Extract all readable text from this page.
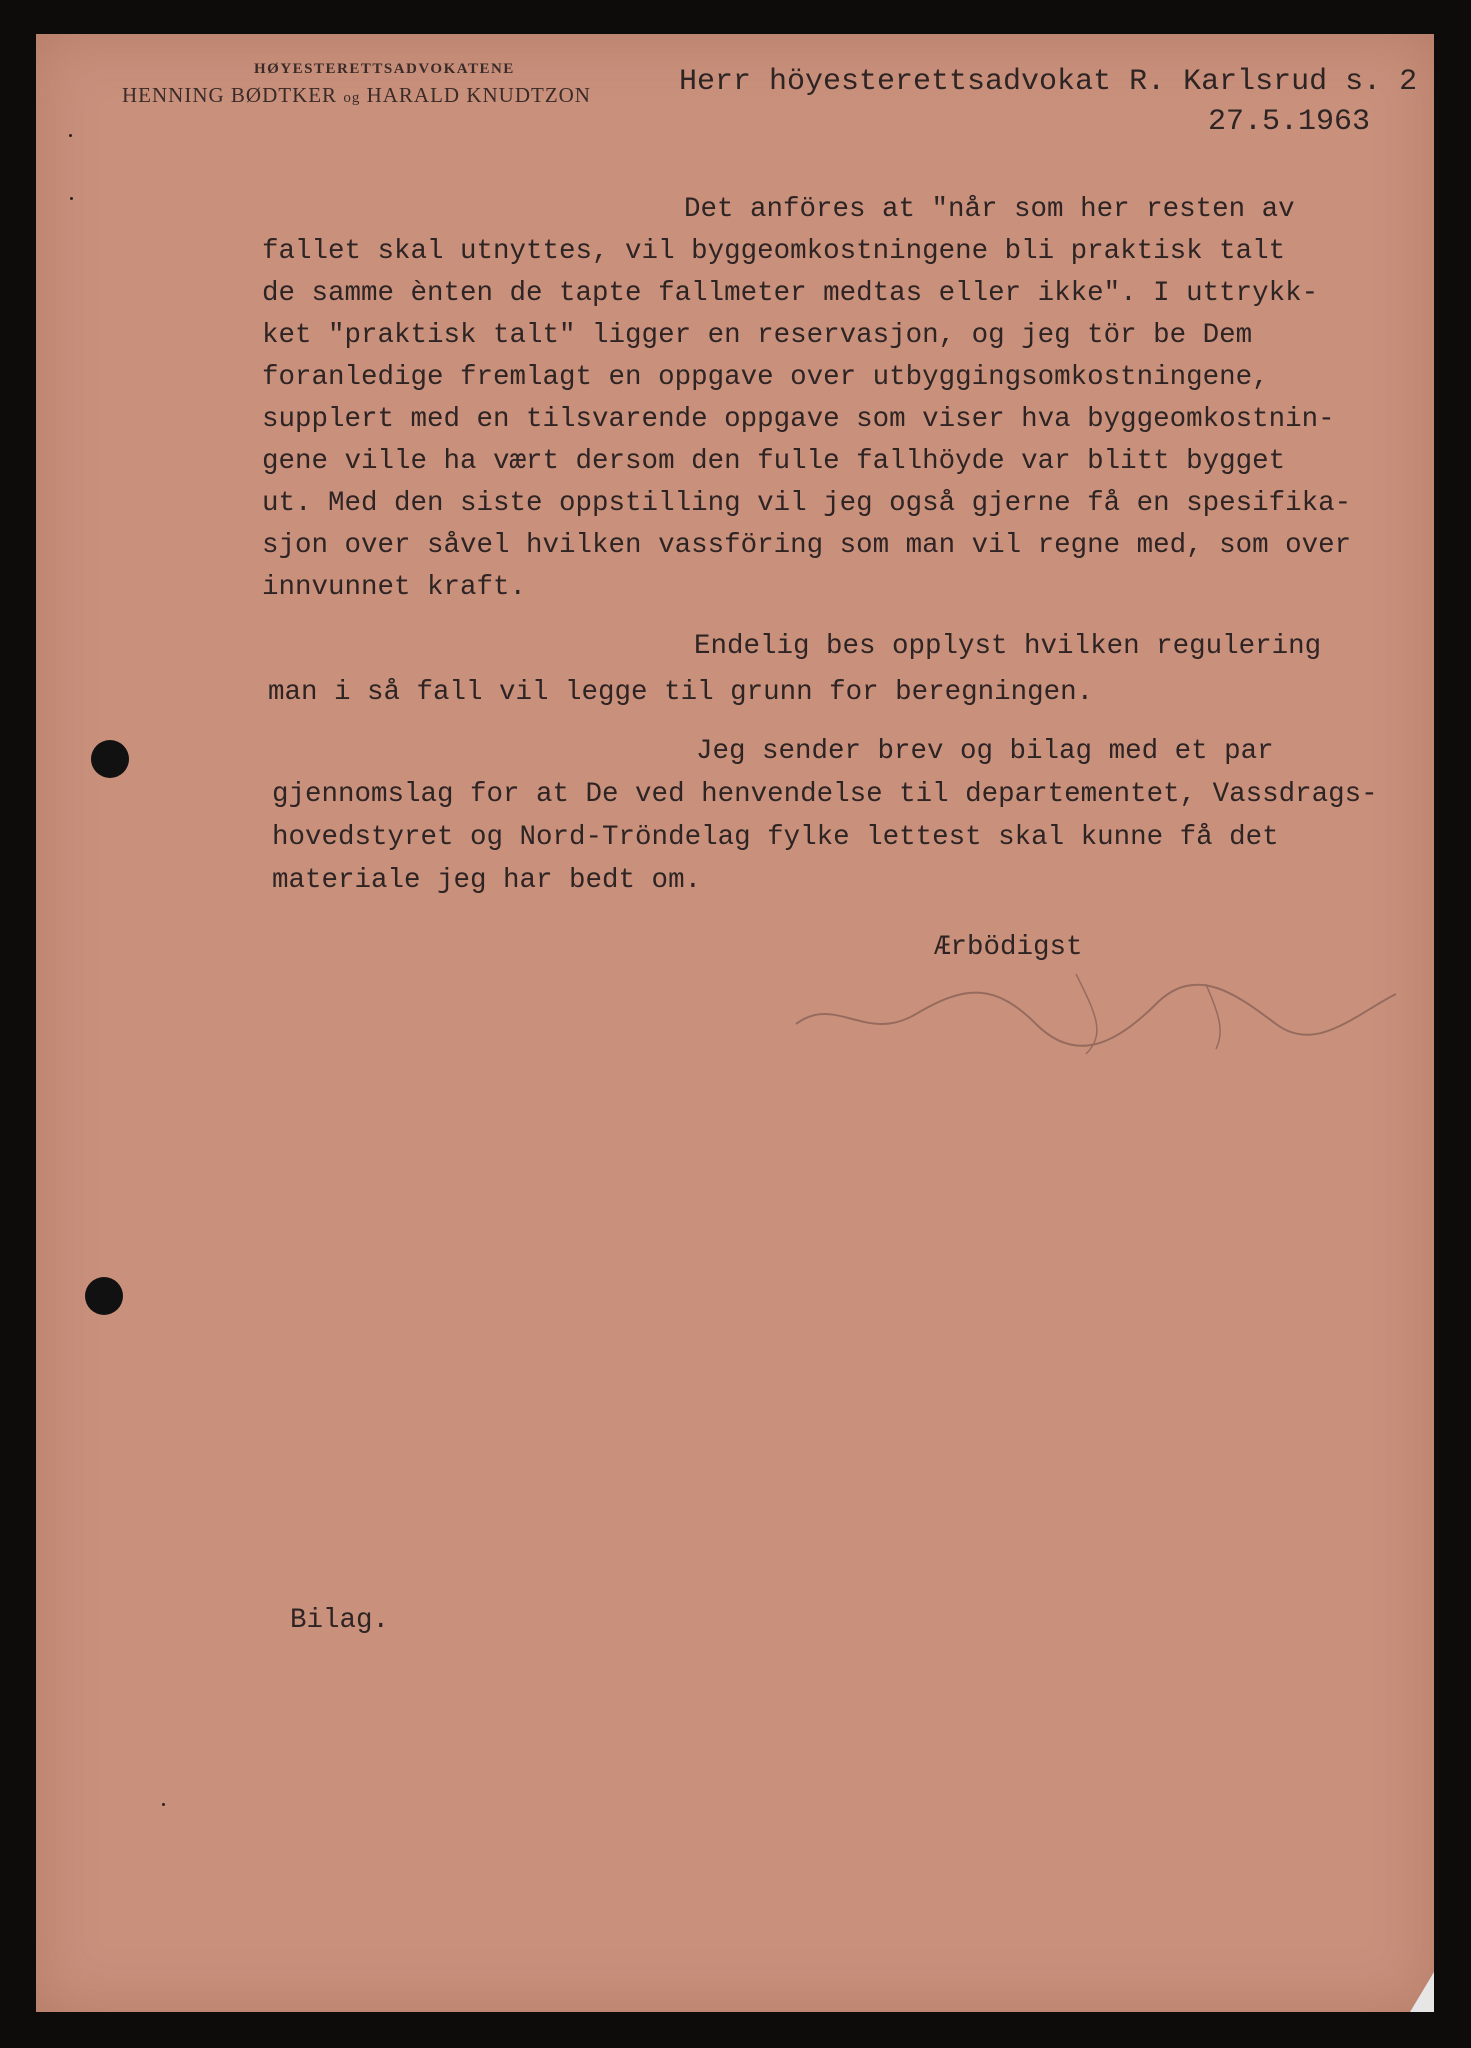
HØYESTERETTSADVOKATENE
HENNING BØDTKER og HARALD KNUDTZON	Herr höyesterettsadvokat R. Karlsrud s. 2
27.5.1963
Det anföres at "når som her resten av
fallet skal utnyttes, vil byggeomkostningene bli praktisk talt
de samme ènten de tapte fallmeter medtas eller ikke". I uttrykk-
ket "praktisk talt" ligger en reservasjon, og jeg tör be Dem
foranledige fremlagt en oppgave over utbyggingsomkostningene,
supplert med en tilsvarende oppgave som viser hva byggeomkostnin-
gene ville ha vært dersom den fulle fallhöyde var blitt bygget
ut. Med den siste oppstilling vil jeg også gjerne få en spesifika-
sjon over såvel hvilken vassföring som man vil regne med, som over
innvunnet kraft.
Endelig bes opplyst hvilken regulering
man i så fall vil legge til grunn for beregningen.
Jeg sender brev og bilag med et par
gjennomslag for at De ved henvendelse til departementet, Vassdrags-
hovedstyret og Nord-Tröndelag fylke lettest skal kunne få det
materiale jeg har bedt om.
Ærbödigst
Bilag.
